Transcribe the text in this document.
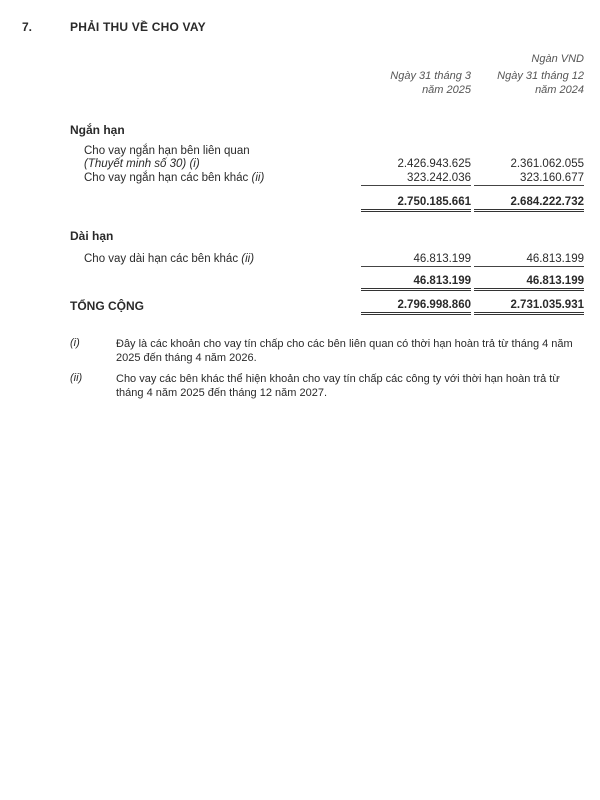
7.	PHẢI THU VỀ CHO VAY
Ngàn VND
Ngày 31 tháng 3
năm 2025
Ngày 31 tháng 12
năm 2024
Ngắn hạn
Cho vay ngắn hạn bên liên quan
(Thuyết minh số 30) (i)	2.426.943.625	2.361.062.055
Cho vay ngắn hạn các bên khác (ii)	323.242.036	323.160.677
2.750.185.661	2.684.222.732
Dài hạn
Cho vay dài hạn các bên khác (ii)	46.813.199	46.813.199
46.813.199	46.813.199
TỔNG CỘNG	2.796.998.860	2.731.035.931
(i)	Đây là các khoản cho vay tín chấp cho các bên liên quan có thời hạn hoàn trả từ tháng 4 năm 2025 đến tháng 4 năm 2026.
(ii)	Cho vay các bên khác thể hiện khoản cho vay tín chấp các công ty với thời hạn hoàn trả từ tháng 4 năm 2025 đến tháng 12 năm 2027.
